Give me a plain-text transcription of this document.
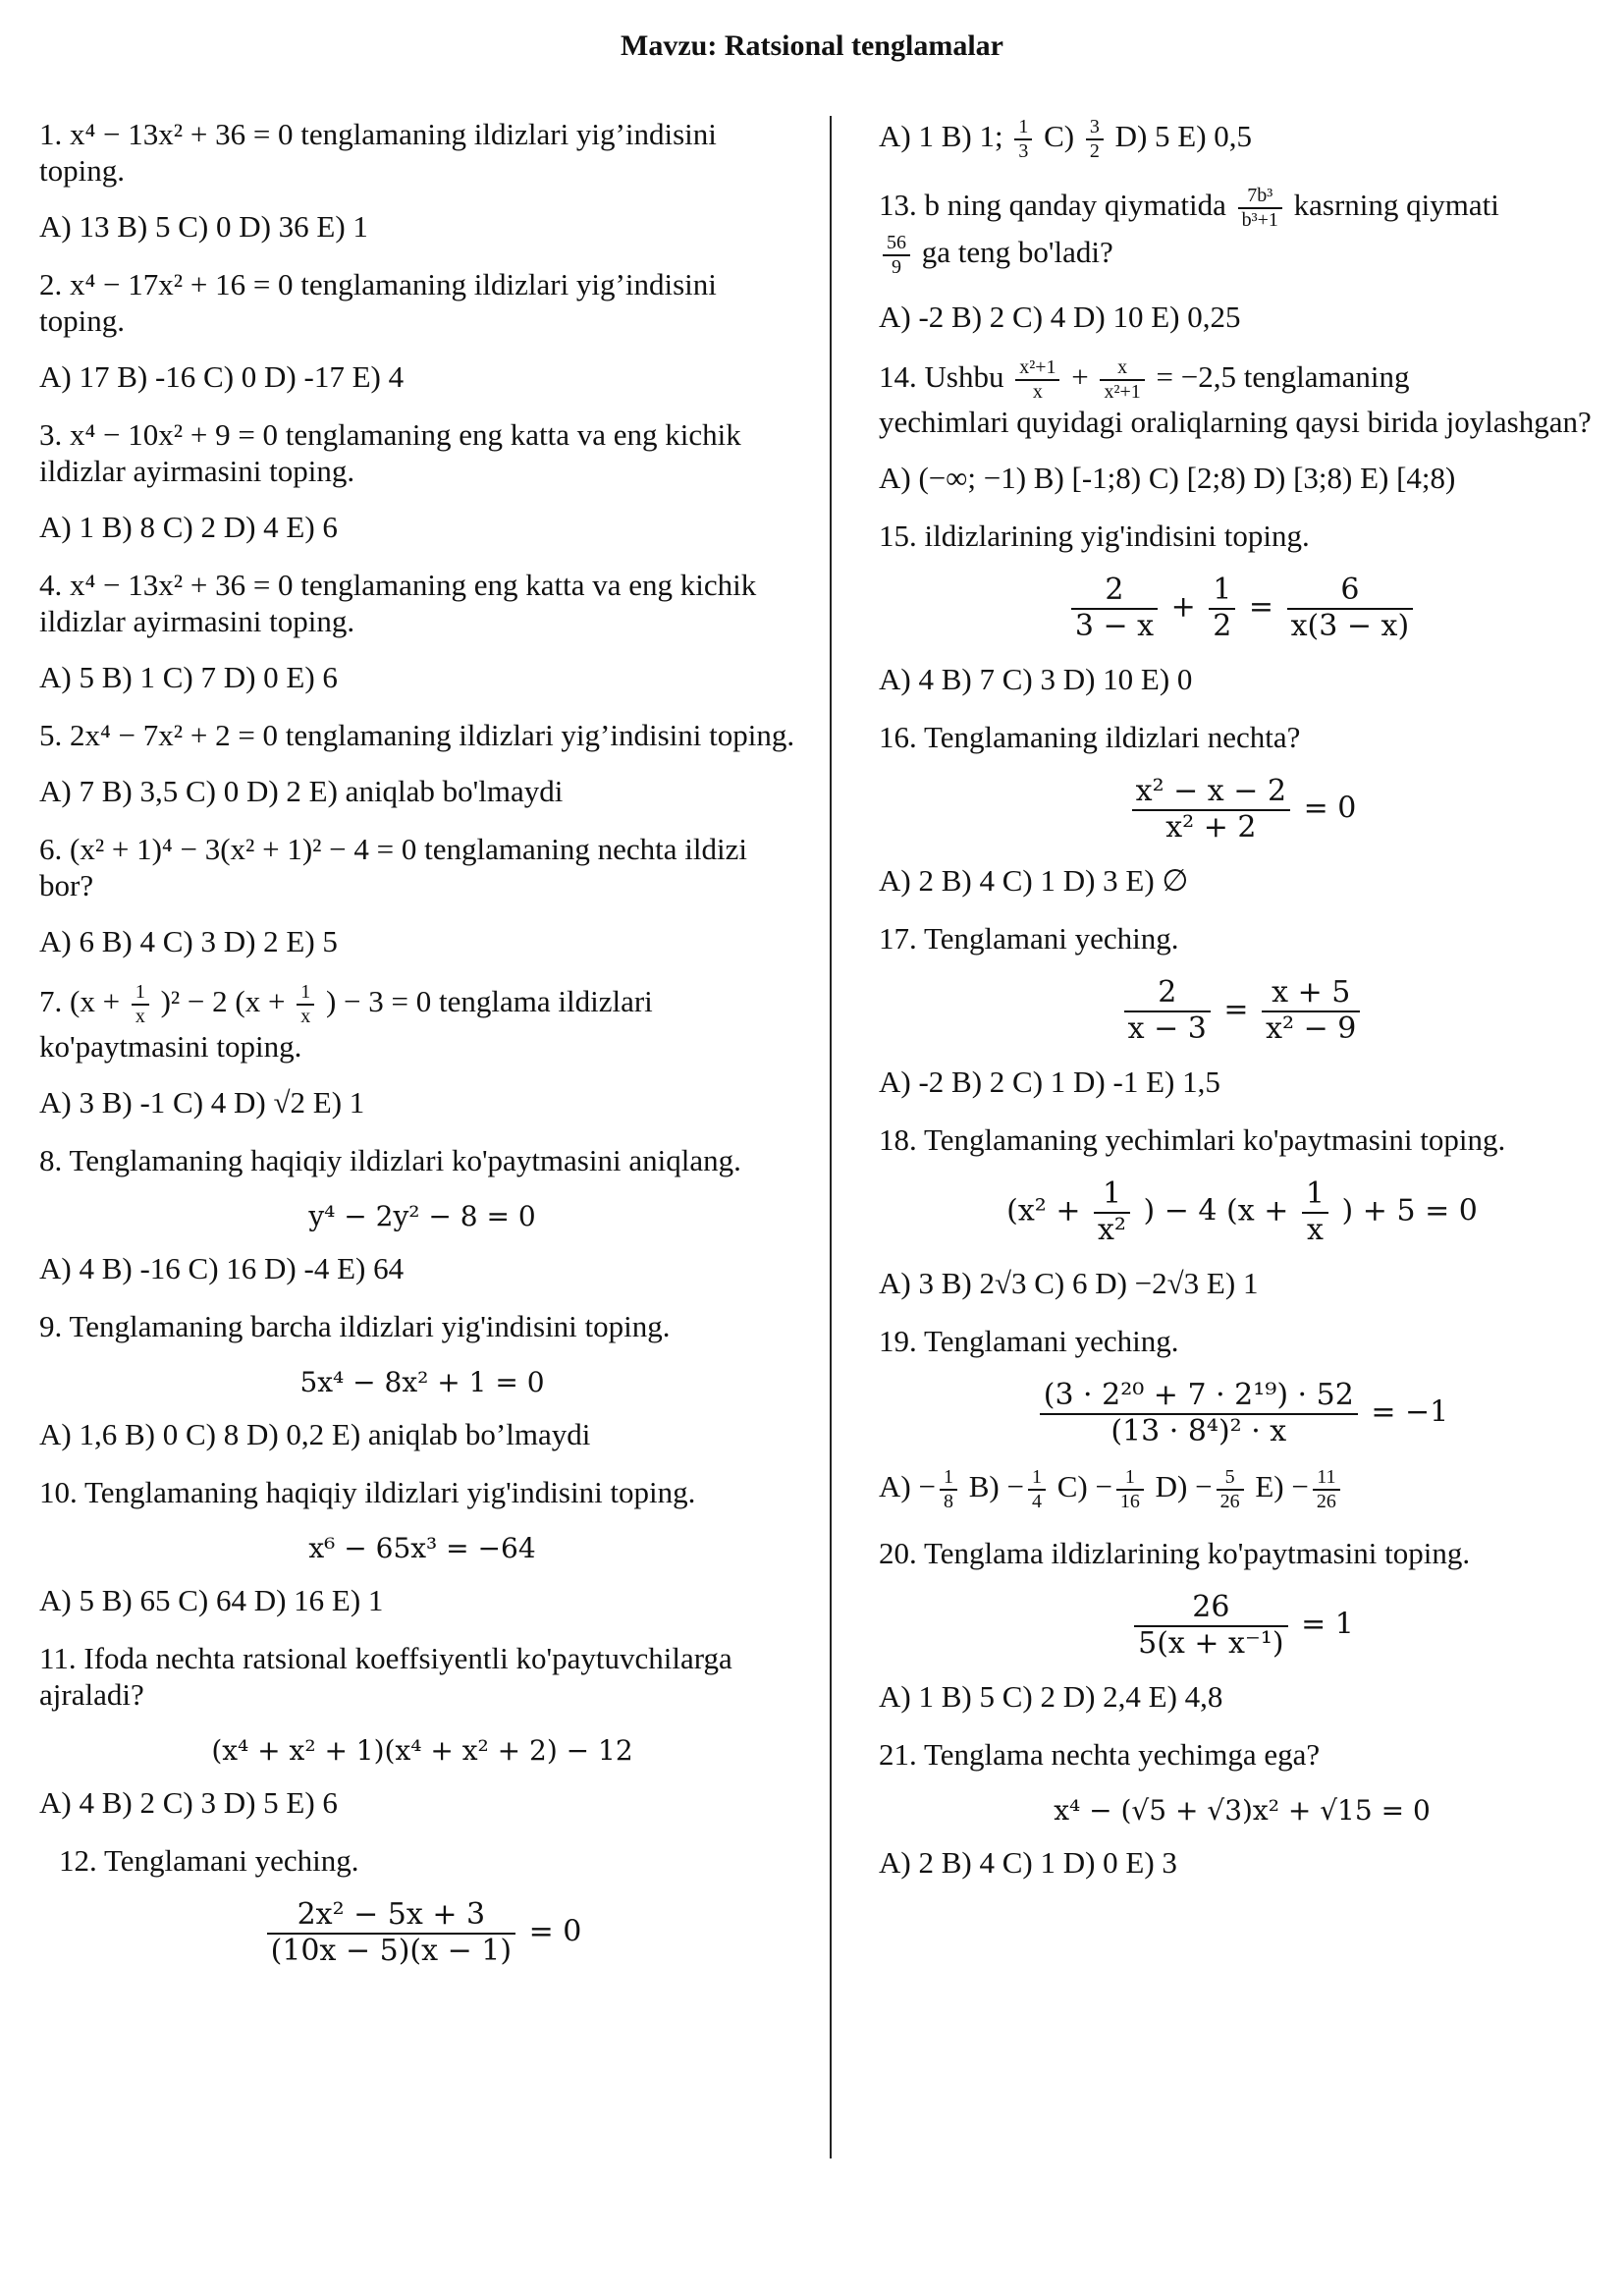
Mavzu: Ratsional tenglamalar

1. x⁴ − 13x² + 36 = 0 tenglamaning ildizlari yig’indisini toping.

A) 13 B) 5 C) 0 D) 36 E) 1

2. x⁴ − 17x² + 16 = 0 tenglamaning ildizlari yig’indisini toping.

A) 17 B) -16 C) 0 D) -17 E) 4

3. x⁴ − 10x² + 9 = 0 tenglamaning eng katta va eng kichik ildizlar ayirmasini toping.

A) 1 B) 8 C) 2 D) 4 E) 6

4. x⁴ − 13x² + 36 = 0 tenglamaning eng katta va eng kichik ildizlar ayirmasini toping.

A) 5 B) 1 C) 7 D) 0 E) 6

5. 2x⁴ − 7x² + 2 = 0 tenglamaning ildizlari yig’indisini toping.

A) 7 B) 3,5 C) 0 D) 2 E) aniqlab bo'lmaydi

6. (x² + 1)⁴ − 3(x² + 1)² − 4 = 0 tenglamaning nechta ildizi bor?

A) 6 B) 4 C) 3 D) 2 E) 5

7. $(x + \frac{1}{x} )^2 - 2$ ($x + \frac{1}{x}$ ) − 3 = 0 tenglama ildizlari

ko'paytmasini toping.

A) 3 B) -1 C) 4 D) √2 E) 1

8. Tenglamaning haqiqiy ildizlari ko'paytmasini aniqlang.

y⁴ − 2y² − 8 = 0

A) 4 B) -16 C) 16 D) -4 E) 64

9. Tenglamaning barcha ildizlari yig'indisini toping.

5x⁴ − 8x² + 1 = 0

A) 1,6 B) 0 C) 8 D) 0,2 E) aniqlab bo’lmaydi

10. Tenglamaning haqiqiy ildizlari yig'indisini toping.

x⁶ − 65x³ = −64

A) 5 B) 65 C) 64 D) 16 E) 1

11. Ifoda nechta ratsional koeffsiyentli ko'paytuvchilarga ajraladi?

(x⁴ + x² + 1)(x⁴ + x² + 2) − 12

A) 4 B) 2 C) 3 D) 5 E) 6

12. Tenglamani yeching.

$\frac{\text{2x² − 5x + 3}}{(10x - 5)(x - 1)} = 0$

A) 1 B) 1; $\frac{1}{3} C) \frac{3}{2} D$) 5 E) 0,5

13. b ning qanday qiymatida $\frac{\text{7b³}}{\text{b³+1}}$ kasrning qiymati

$\frac{56}{9}$ ga teng bo'ladi?

A) -2 B) 2 C) 4 D) 10 E) 0,25

14. Ushbu $\frac{\text{x²+1}}{x} + \frac{x}{\text{x²+1}} = -2,5$ tenglamaning

yechimlari quyidagi oraliqlarning qaysi birida joylashgan?

A) (−∞; −1) B) [-1;8) C) [2;8) D) [3;8) E) [4;8)

15. ildizlarining yig'indisini toping.

$\frac{2}{3 - x} + \frac{1}{2} = \frac{6}{x(3 - x)}$

A) 4 B) 7 C) 3 D) 10 E) 0

16. Tenglamaning ildizlari nechta?

$\frac{\text{x² − x − 2}}{\text{x² + 2}} = 0$

A) 2 B) 4 C) 1 D) 3 E) ∅

17. Tenglamani yeching.

$\frac{2}{x - 3} = \frac{x + 5}{\text{x² − 9}}$

A) -2 B) 2 C) 1 D) -1 E) 1,5

18. Tenglamaning yechimlari ko'paytmasini toping.

($x^2 + \frac{1}{\text{x²}}$ ) − 4 ($x + \frac{1}{x}$ ) + 5 = 0

A) 3 B) 2√3 C) 6 D) −2√3 E) 1

19. Tenglamani yeching.

$\frac{\text{(3 · 2²⁰ + 7 · 2¹⁹) · 52}}{\text{(13 · 8⁴)² · x}} = -1$

$A) - \frac{1}{8} B) - \frac{1}{4} C) - \frac{1}{16} D) - \frac{5}{26} E) - \frac{11}{26}$

20. Tenglama ildizlarining ko'paytmasini toping.

$\frac{26}{\text{5(x + x⁻¹)}} = 1$

A) 1 B) 5 C) 2 D) 2,4 E) 4,8

21. Tenglama nechta yechimga ega?

x⁴ − (√5 + √3)x² + √15 = 0

A) 2 B) 4 C) 1 D) 0 E) 3
